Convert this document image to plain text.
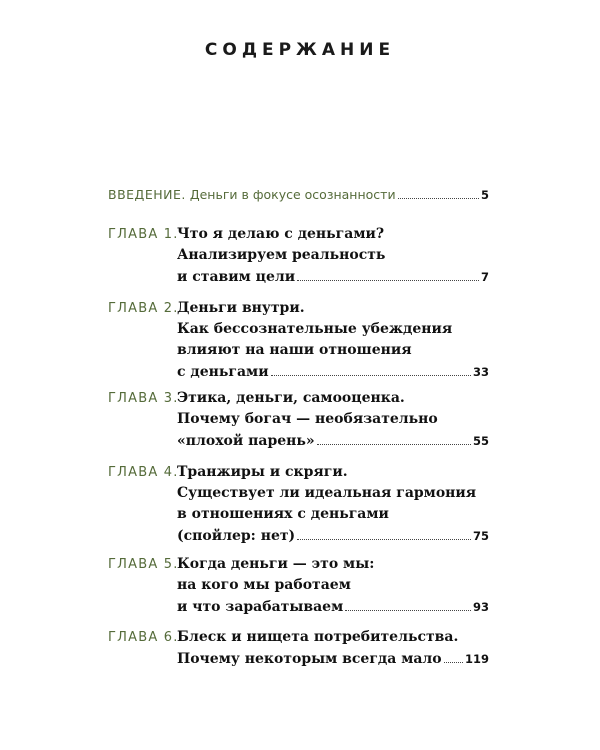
СОДЕРЖАНИЕ
ВВЕДЕНИЕ. Деньги в фокусе осознанности	5
ГЛАВА 1.
Что я делаю с деньгами?
Анализируем реальность
и ставим цели	7
ГЛАВА 2.
Деньги внутри.
Как бессознательные убеждения
влияют на наши отношения
с деньгами	33
ГЛАВА 3.
Этика, деньги, самооценка.
Почему богач — необязательно
«плохой парень»	55
ГЛАВА 4.
Транжиры и скряги.
Существует ли идеальная гармония
в отношениях с деньгами
(спойлер: нет)	75
ГЛАВА 5.
Когда деньги — это мы:
на кого мы работаем
и что зарабатываем	93
ГЛАВА 6.
Блеск и нищета потребительства.
Почему некоторым всегда мало 119
